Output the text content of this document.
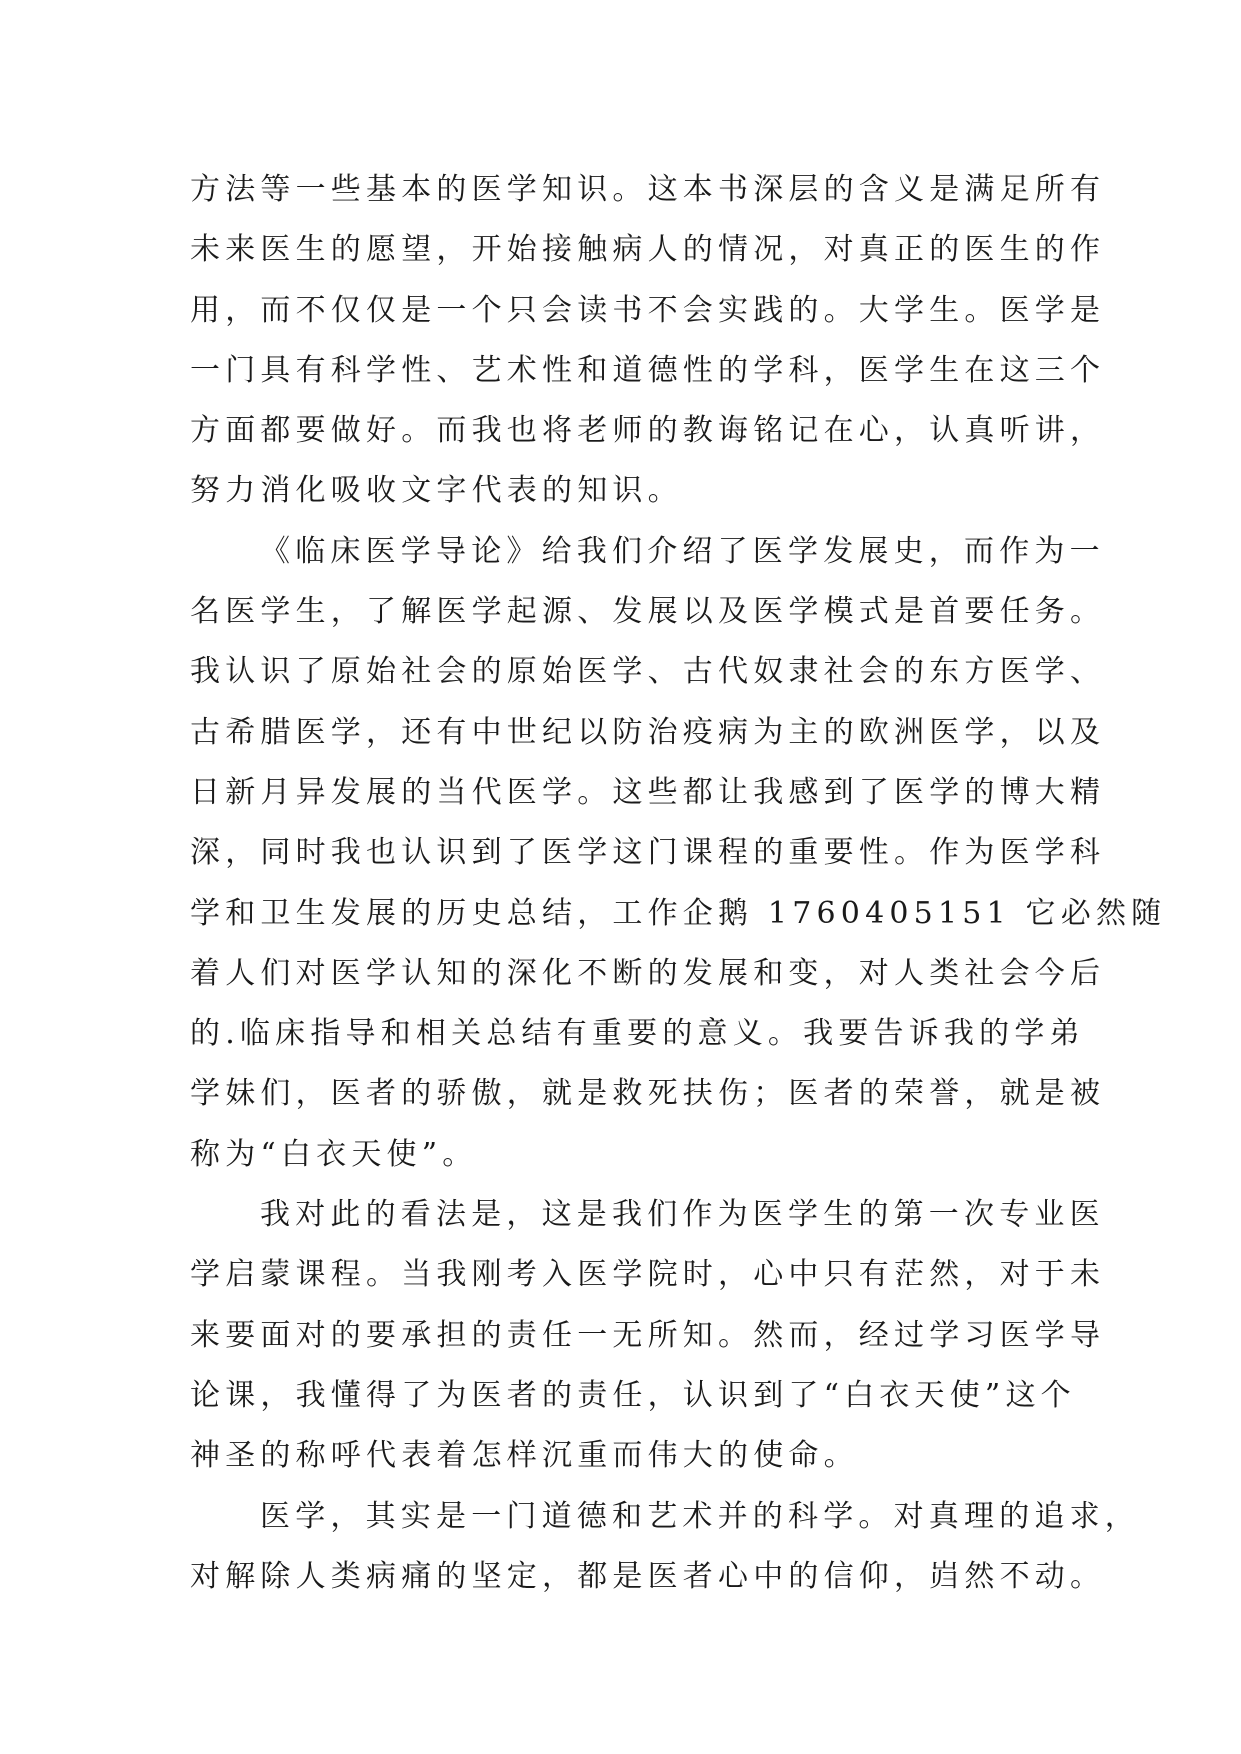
方法等一些基本的医学知识。这本书深层的含义是满足所有
未来医生的愿望，开始接触病人的情况，对真正的医生的作
用，而不仅仅是一个只会读书不会实践的。大学生。医学是
一门具有科学性、艺术性和道德性的学科，医学生在这三个
方面都要做好。而我也将老师的教诲铭记在心，认真听讲，
努力消化吸收文字代表的知识。
《临床医学导论》给我们介绍了医学发展史，而作为一
名医学生，了解医学起源、发展以及医学模式是首要任务。
我认识了原始社会的原始医学、古代奴隶社会的东方医学、
古希腊医学，还有中世纪以防治疫病为主的欧洲医学，以及
日新月异发展的当代医学。这些都让我感到了医学的博大精
深，同时我也认识到了医学这门课程的重要性。作为医学科
学和卫生发展的历史总结，工作企鹅 1760405151 它必然随
着人们对医学认知的深化不断的发展和变，对人类社会今后
的.临床指导和相关总结有重要的意义。我要告诉我的学弟
学妹们，医者的骄傲，就是救死扶伤；医者的荣誉，就是被
称为“白衣天使”。
我对此的看法是，这是我们作为医学生的第一次专业医
学启蒙课程。当我刚考入医学院时，心中只有茫然，对于未
来要面对的要承担的责任一无所知。然而，经过学习医学导
论课，我懂得了为医者的责任，认识到了“白衣天使”这个
神圣的称呼代表着怎样沉重而伟大的使命。
医学，其实是一门道德和艺术并的科学。对真理的追求，
对解除人类病痛的坚定，都是医者心中的信仰，岿然不动。
